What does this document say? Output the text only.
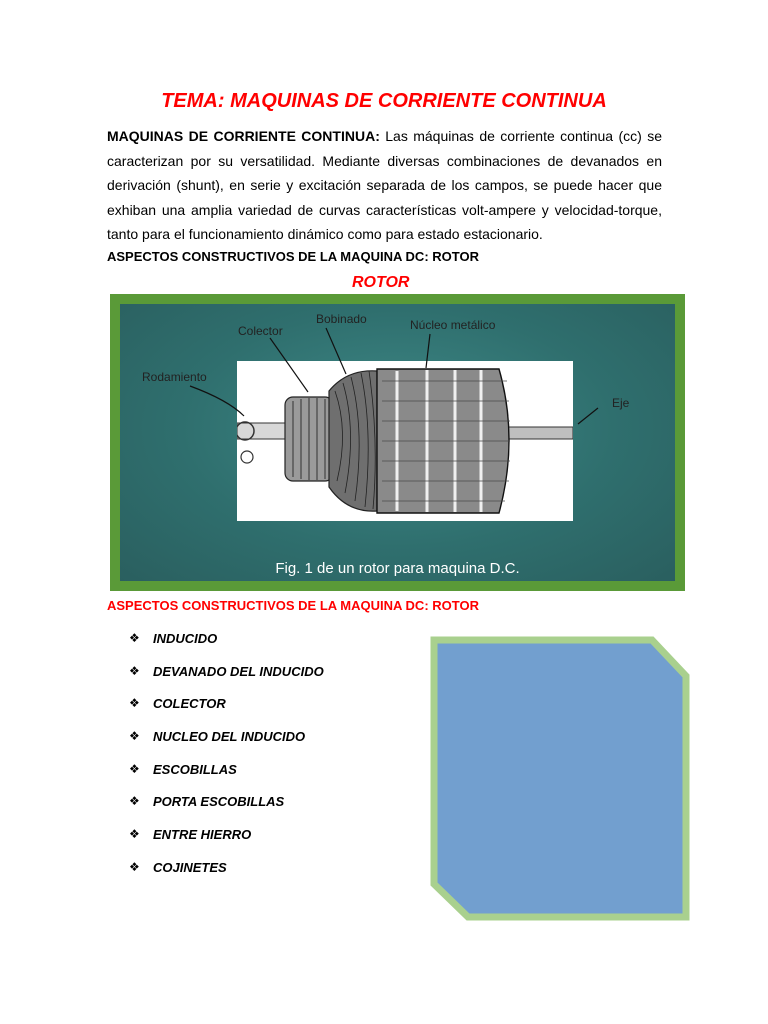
TEMA: MAQUINAS DE CORRIENTE CONTINUA
MAQUINAS DE CORRIENTE CONTINUA: Las máquinas de corriente continua (cc) se caracterizan por su versatilidad. Mediante diversas combinaciones de devanados en derivación (shunt), en serie y excitación separada de los campos, se puede hacer que exhiban una amplia variedad de curvas características volt-ampere y velocidad-torque, tanto para el funcionamiento dinámico como para estado estacionario.
ASPECTOS CONSTRUCTIVOS DE LA MAQUINA DC: ROTOR
ROTOR
Colector
Bobinado	Núcleo metálico
Rodamiento
Eje
Fig. 1 de un rotor para maquina D.C.
ASPECTOS CONSTRUCTIVOS DE LA MAQUINA DC: ROTOR
❖	INDUCIDO
❖	DEVANADO DEL INDUCIDO
❖	COLECTOR
❖	NUCLEO DEL INDUCIDO
❖	ESCOBILLAS
❖	PORTA ESCOBILLAS
❖	ENTRE HIERRO
❖	COJINETES
